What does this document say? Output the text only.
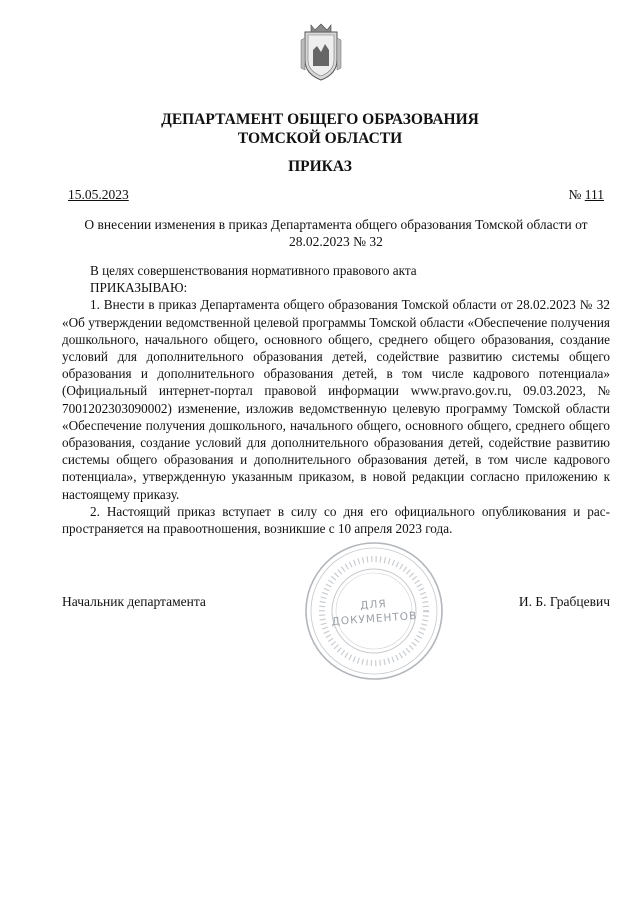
ДЕПАРТАМЕНТ ОБЩЕГО ОБРАЗОВАНИЯ
ТОМСКОЙ ОБЛАСТИ
ПРИКАЗ
15.05.2023	№ 111
О внесении изменения в приказ Департамента общего образования Томской области от
28.02.2023 № 32

В целях совершенствования нормативного правового акта

ПРИКАЗЫВАЮ:

1. Внести в приказ Департамента общего образования Томской области от 28.02.2023 № 32 «Об утверждении ведомственной целевой программы Томской области «Обеспечение получения дошкольного, начального общего, основного общего, среднего общего образования, создание условий для дополнительного образования детей, содействие развитию системы общего образования и дополнительного образования детей, в том числе кадрового потенциала» (Официальный интернет-портал правовой информации www.pravo.gov.ru, 09.03.2023, № 7001202303090002) изменение, изложив ведомственную целевую программу Томской области «Обеспечение получения дошкольного, начального общего, основного общего, среднего общего образования, создание условий для дополнительного образования детей, содействие развитию системы общего образования и дополнительного образования детей, в том числе кадрового потенциала», утвержденную указанным приказом, в новой редакции согласно приложению к настоящему приказу.

2. Настоящий приказ вступает в силу со дня его официального опубликования и распространяется на правоотношения, возникшие с 10 апреля 2023 года.

ДЛЯ
ДОКУМЕНТОВ
Начальник департамента	И. Б. Грабцевич
